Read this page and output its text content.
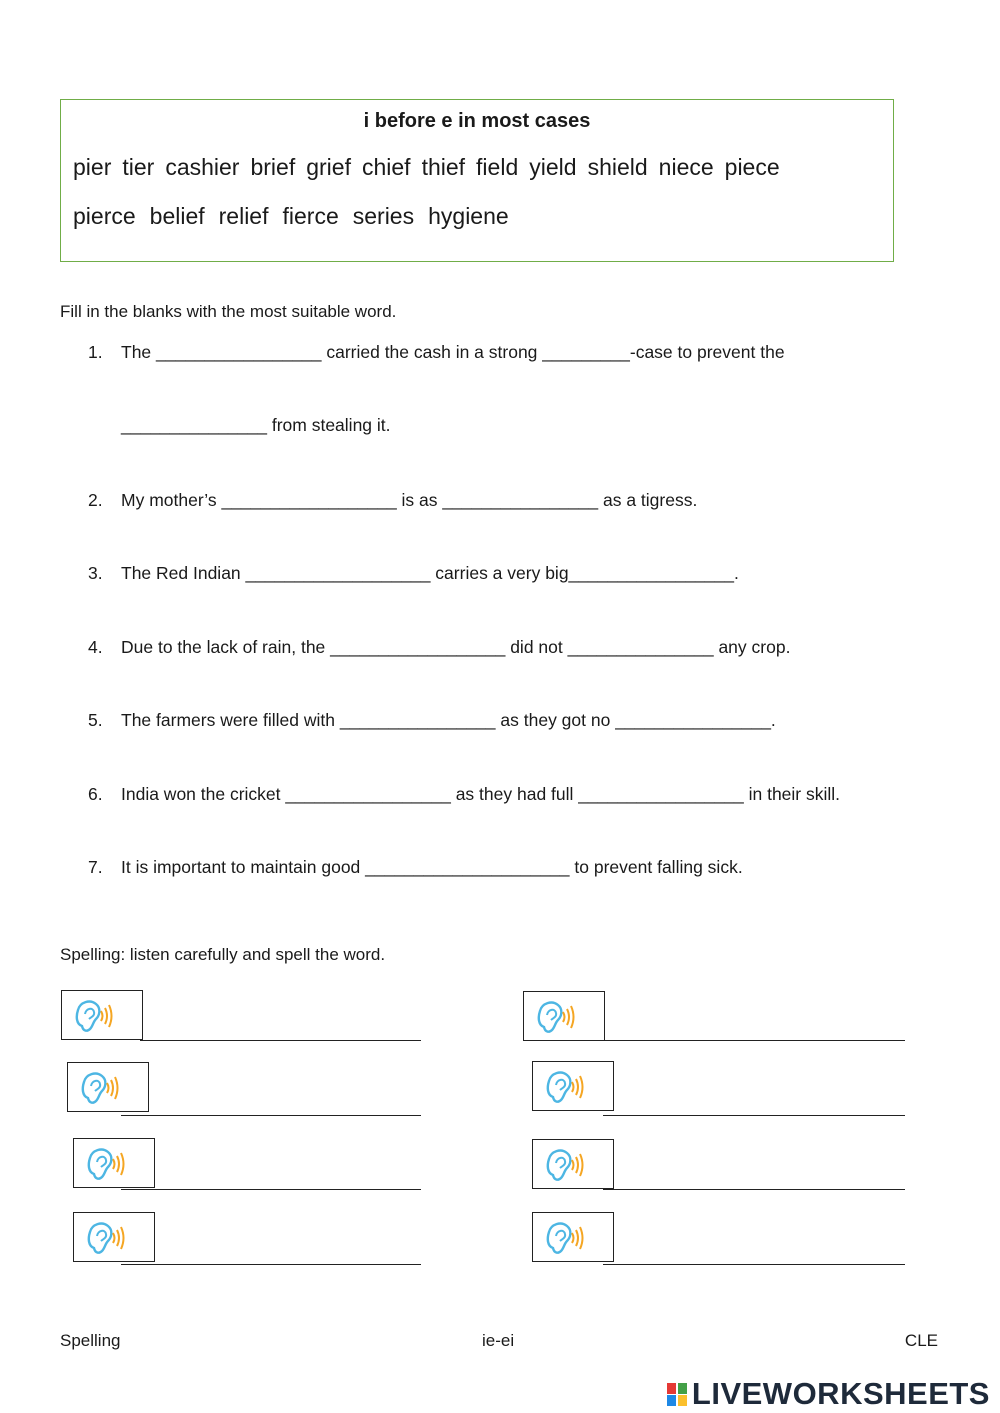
i before e in most cases
pier tier cashier brief grief chief thief field yield shield niece piece
pierce belief relief fierce series hygiene
Fill in the blanks with the most suitable word.
1. The _________________ carried the cash in a strong _________-case to prevent the
_______________ from stealing it.
2. My mother’s __________________ is as ________________ as a tigress.
3. The Red Indian ___________________ carries a very big_________________.
4. Due to the lack of rain, the __________________ did not _______________ any crop.
5. The farmers were filled with ________________ as they got no ________________.
6. India won the cricket _________________ as they had full _________________ in their skill.
7. It is important to maintain good _____________________ to prevent falling sick.
Spelling: listen carefully and spell the word.
Spelling	ie-ei	CLE
LIVEWORKSHEETS
